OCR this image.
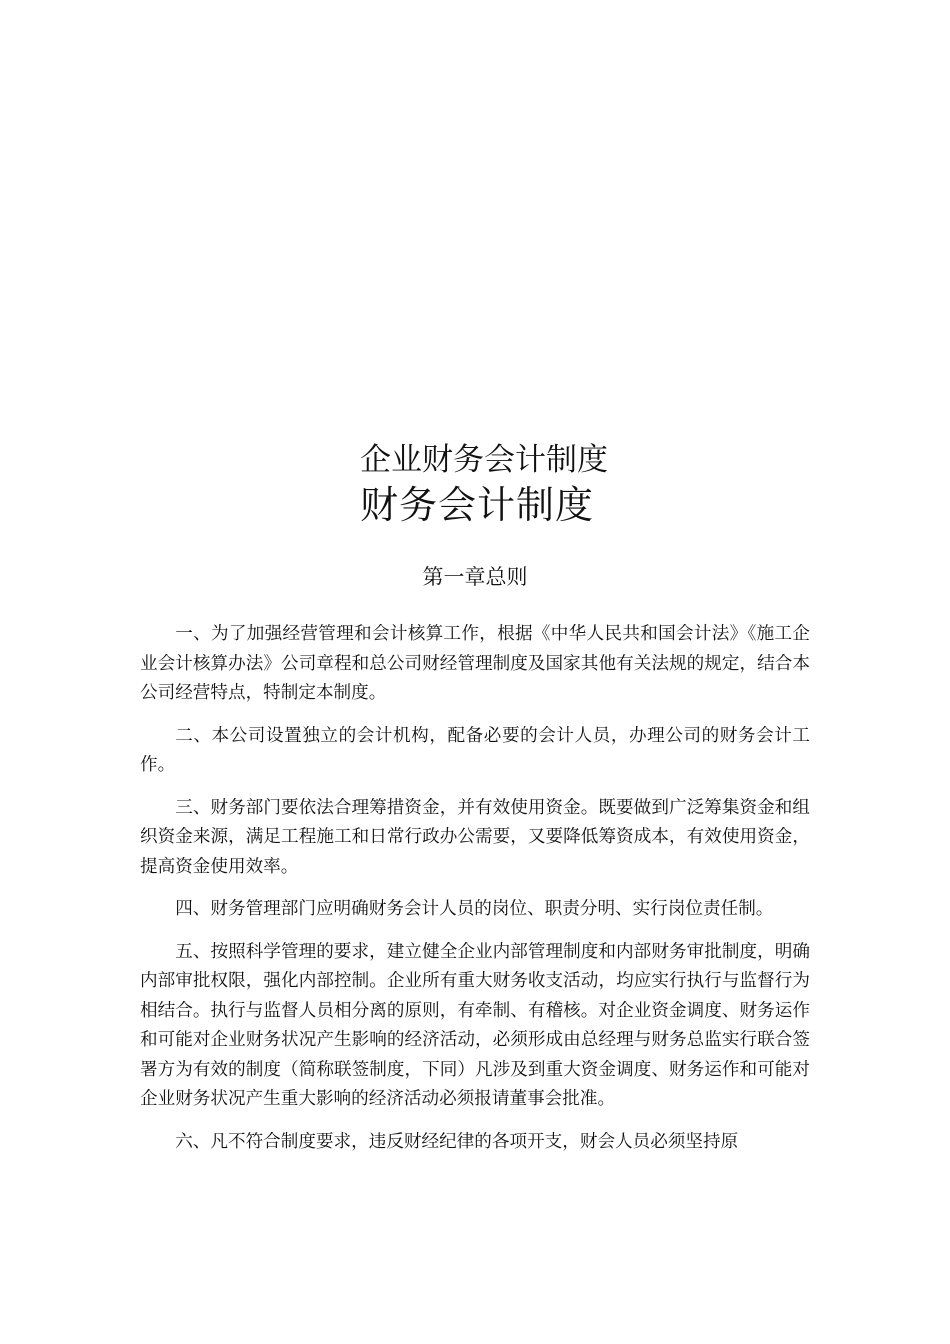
企业财务会计制度
财务会计制度
第一章总则

一、为了加强经营管理和会计核算工作，根据《中华人民共和国会计法》《施工企业会计核算办法》公司章程和总公司财经管理制度及国家其他有关法规的规定，结合本公司经营特点，特制定本制度。

二、本公司设置独立的会计机构，配备必要的会计人员，办理公司的财务会计工作。

三、财务部门要依法合理筹措资金，并有效使用资金。既要做到广泛筹集资金和组织资金来源，满足工程施工和日常行政办公需要，又要降低筹资成本，有效使用资金，提高资金使用效率。

四、财务管理部门应明确财务会计人员的岗位、职责分明、实行岗位责任制。

五、按照科学管理的要求，建立健全企业内部管理制度和内部财务审批制度，明确内部审批权限，强化内部控制。企业所有重大财务收支活动，均应实行执行与监督行为相结合。执行与监督人员相分离的原则，有牵制、有稽核。对企业资金调度、财务运作和可能对企业财务状况产生影响的经济活动，必须形成由总经理与财务总监实行联合签署方为有效的制度（简称联签制度，下同）凡涉及到重大资金调度、财务运作和可能对企业财务状况产生重大影响的经济活动必须报请董事会批准。

六、凡不符合制度要求，违反财经纪律的各项开支，财会人员必须坚持原
